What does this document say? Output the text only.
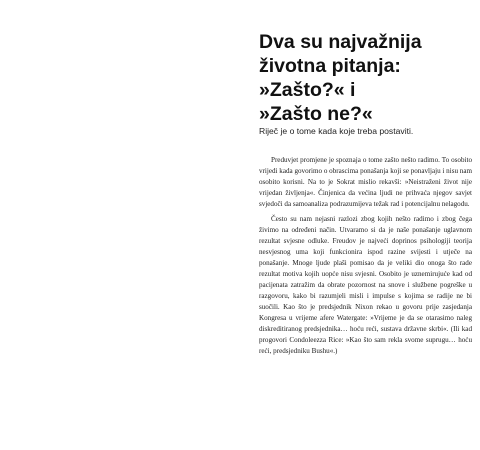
Dva su najvažnija
životna pitanja:
»Zašto?« i
»Zašto ne?«

Riječ je o tome kada koje treba postaviti.

Preduvjet promjene je spoznaja o tome zašto nešto radimo. To osobito vrijedi kada govorimo o obrascima ponašanja koji se ponavljaju i nisu nam osobito korisni. Na to je Sokrat mislio rekavši: »Neistraženi život nije vrijedan življenja«. Činjenica da većina ljudi ne prihvaća njegov savjet svjedoči da samoanaliza podrazumijeva težak rad i potencijalnu nelagodu.

Često su nam nejasni razlozi zbog kojih nešto radimo i zbog čega živimo na određeni način. Utvaramo si da je naše ponašanje uglavnom rezultat svjesne odluke. Freudov je najveći doprinos psihologiji teorija nesvjesnog uma koji funkcionira ispod razine svijesti i utječe na ponašanje. Mnoge ljude plaši pomisao da je veliki dio onoga što rade rezultat motiva kojih uopće nisu svjesni. Osobito je uznemirujuće kad od pacijenata zatražim da obrate pozornost na snove i službene pogreške u razgovoru, kako bi razumjeli misli i impulse s kojima se radije ne bi suočili. Kao što je predsjednik Nixon rekao u govoru prije zasjedanja Kongresa u vrijeme afere Watergate: »Vrijeme je da se otarasimo naleg diskreditiranog predsjednika… hoću reći, sustava državne skrbi«. (Ili kad progovori Condoleezza Rice: »Kao što sam rekla svome suprugu… hoću reći, predsjedniku Bushu«.)
